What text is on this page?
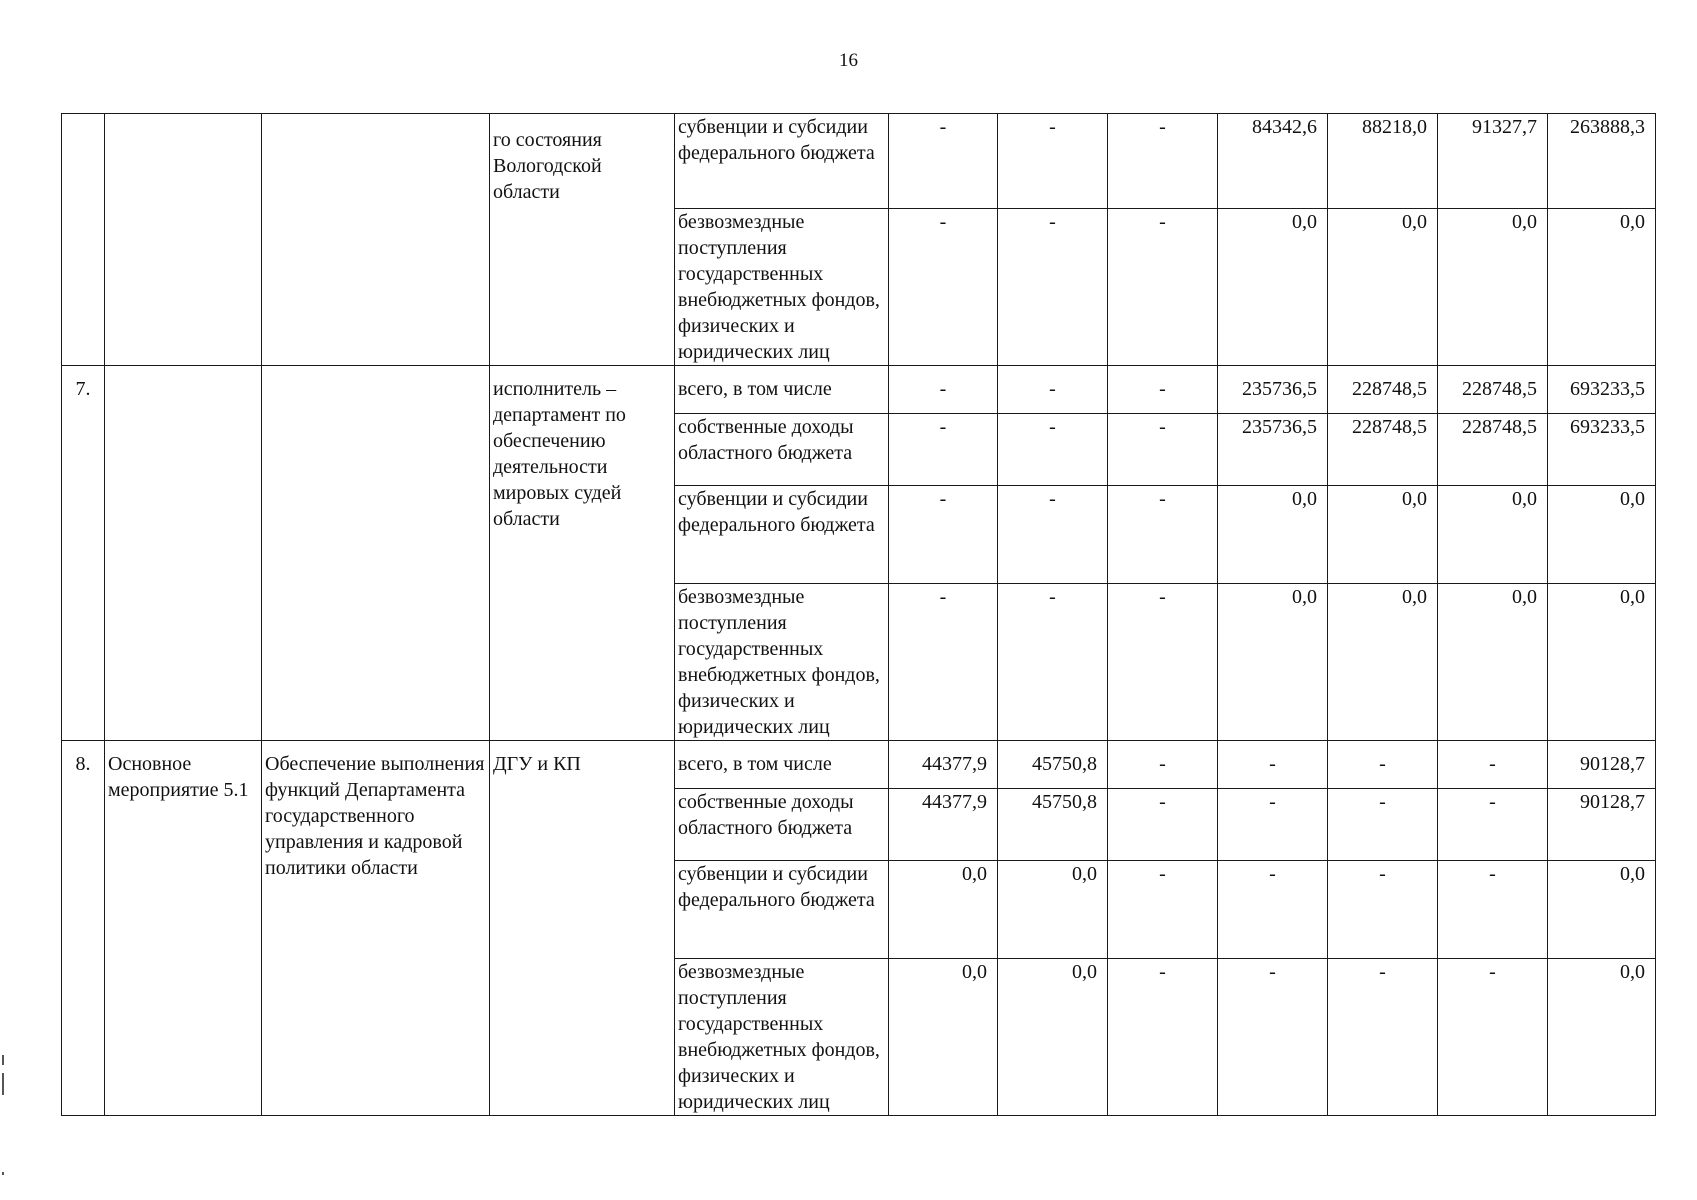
16
			го состояния Вологодской области	субвенции и субсидии федерального бюджета	-	-	-	84342,6	88218,0	91327,7	263888,3
				безвозмездные поступления государственных внебюджетных фондов, физических и юридических лиц	-	-	-	0,0	0,0	0,0	0,0
7.			исполнитель – департамент по обеспечению деятельности мировых судей области	всего, в том числе	-	-	-	235736,5	228748,5	228748,5	693233,5
				собственные доходы областного бюджета	-	-	-	235736,5	228748,5	228748,5	693233,5
				субвенции и субсидии федерального бюджета	-	-	-	0,0	0,0	0,0	0,0
				безвозмездные поступления государственных внебюджетных фондов, физических и юридических лиц	-	-	-	0,0	0,0	0,0	0,0
8.	Основное мероприятие 5.1	Обеспечение выполнения функций Департамента государственного управления и кадровой политики области	ДГУ и КП	всего, в том числе	44377,9	45750,8	-	-	-	-	90128,7
				собственные доходы областного бюджета	44377,9	45750,8	-	-	-	-	90128,7
				субвенции и субсидии федерального бюджета	0,0	0,0	-	-	-	-	0,0
				безвозмездные поступления государственных внебюджетных фондов, физических и юридических лиц	0,0	0,0	-	-	-	-	0,0
